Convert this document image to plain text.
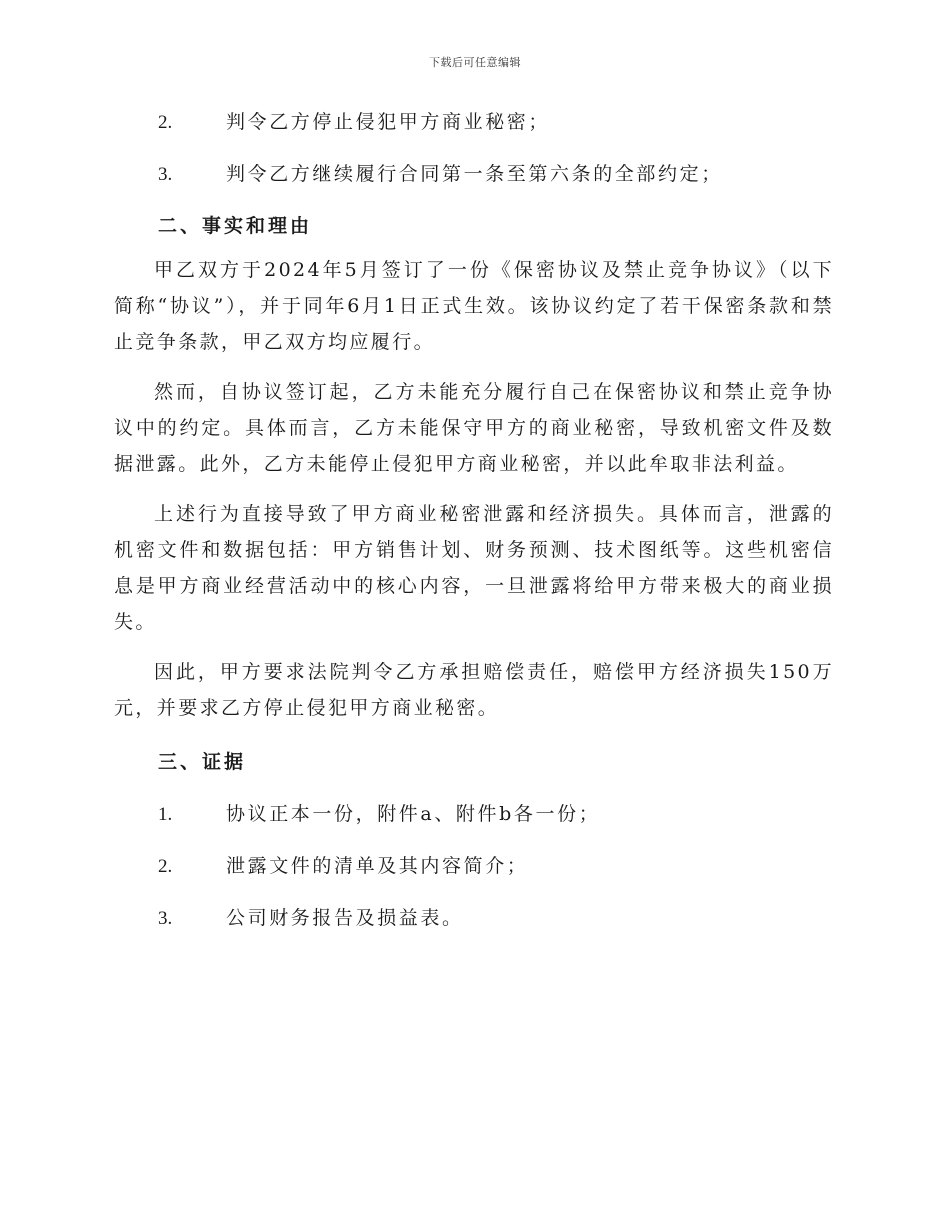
下载后可任意编辑
2.	判令乙方停止侵犯甲方商业秘密；
3.	判令乙方继续履行合同第一条至第六条的全部约定；
二、事实和理由

甲乙双方于2024年5月签订了一份《保密协议及禁止竞争协议》（以下简称“协议”），并于同年6月1日正式生效。该协议约定了若干保密条款和禁止竞争条款，甲乙双方均应履行。

然而，自协议签订起，乙方未能充分履行自己在保密协议和禁止竞争协议中的约定。具体而言，乙方未能保守甲方的商业秘密，导致机密文件及数据泄露。此外，乙方未能停止侵犯甲方商业秘密，并以此牟取非法利益。

上述行为直接导致了甲方商业秘密泄露和经济损失。具体而言，泄露的机密文件和数据包括：甲方销售计划、财务预测、技术图纸等。这些机密信息是甲方商业经营活动中的核心内容，一旦泄露将给甲方带来极大的商业损失。

因此，甲方要求法院判令乙方承担赔偿责任，赔偿甲方经济损失150万元，并要求乙方停止侵犯甲方商业秘密。

三、证据
1.	协议正本一份，附件a、附件b各一份；
2.	泄露文件的清单及其内容简介；
3.	公司财务报告及损益表。
